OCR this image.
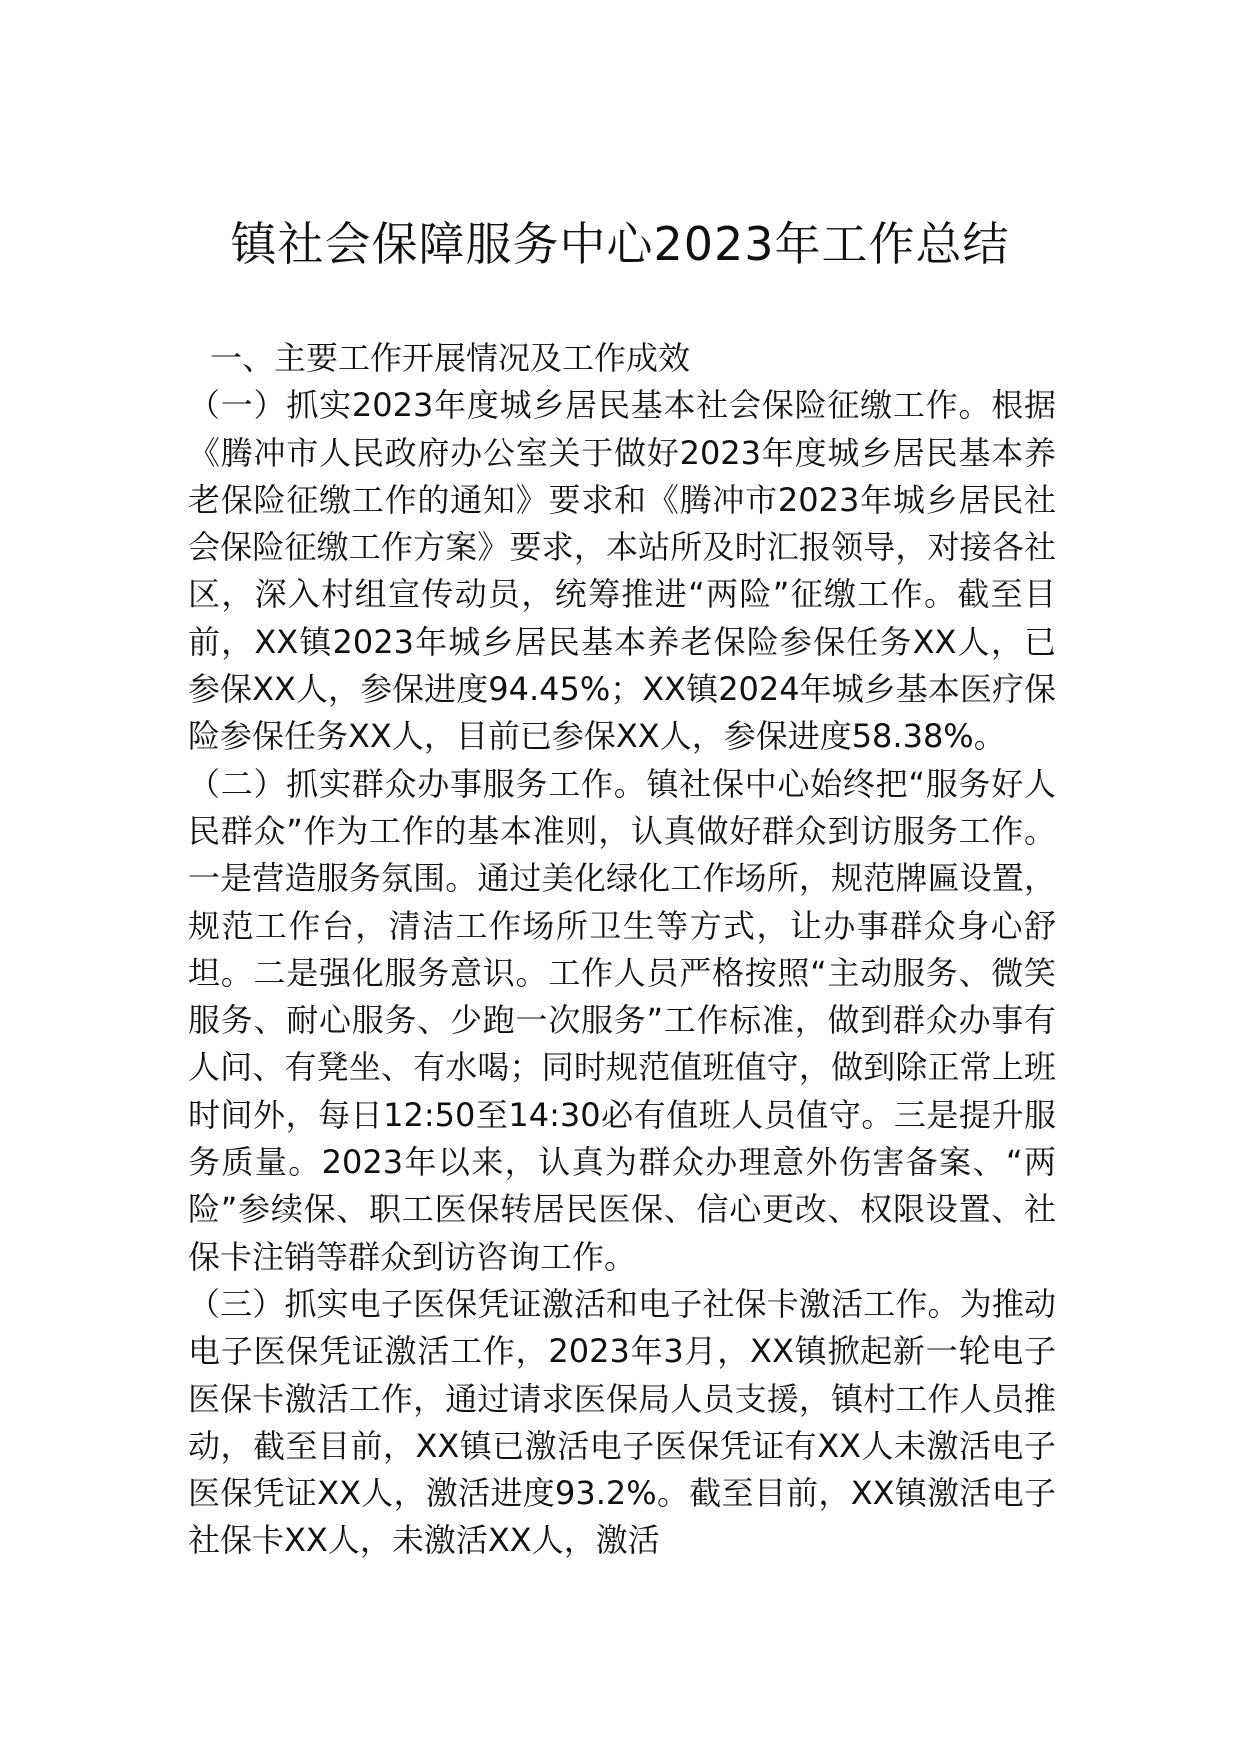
镇社会保障服务中心2023年工作总结

一、主要工作开展情况及工作成效

（一）抓实2023年度城乡居民基本社会保险征缴工作。根据《腾冲市人民政府办公室关于做好2023年度城乡居民基本养老保险征缴工作的通知》要求和《腾冲市2023年城乡居民社会保险征缴工作方案》要求，本站所及时汇报领导，对接各社区，深入村组宣传动员，统筹推进“两险”征缴工作。截至目前，XX镇2023年城乡居民基本养老保险参保任务XX人，已参保XX人，参保进度94.45%；XX镇2024年城乡基本医疗保险参保任务XX人，目前已参保XX人，参保进度58.38%。

（二）抓实群众办事服务工作。镇社保中心始终把“服务好人民群众”作为工作的基本准则，认真做好群众到访服务工作。一是营造服务氛围。通过美化绿化工作场所，规范牌匾设置，规范工作台，清洁工作场所卫生等方式，让办事群众身心舒坦。二是强化服务意识。工作人员严格按照“主动服务、微笑服务、耐心服务、少跑一次服务”工作标准，做到群众办事有人问、有凳坐、有水喝；同时规范值班值守，做到除正常上班时间外，每日12:50至14:30必有值班人员值守。三是提升服务质量。2023年以来，认真为群众办理意外伤害备案、“两险”参续保、职工医保转居民医保、信心更改、权限设置、社保卡注销等群众到访咨询工作。

（三）抓实电子医保凭证激活和电子社保卡激活工作。为推动电子医保凭证激活工作，2023年3月，XX镇掀起新一轮电子医保卡激活工作，通过请求医保局人员支援，镇村工作人员推动，截至目前，XX镇已激活电子医保凭证有XX人未激活电子医保凭证XX人，激活进度93.2%。截至目前，XX镇激活电子社保卡XX人，未激活XX人，激活
